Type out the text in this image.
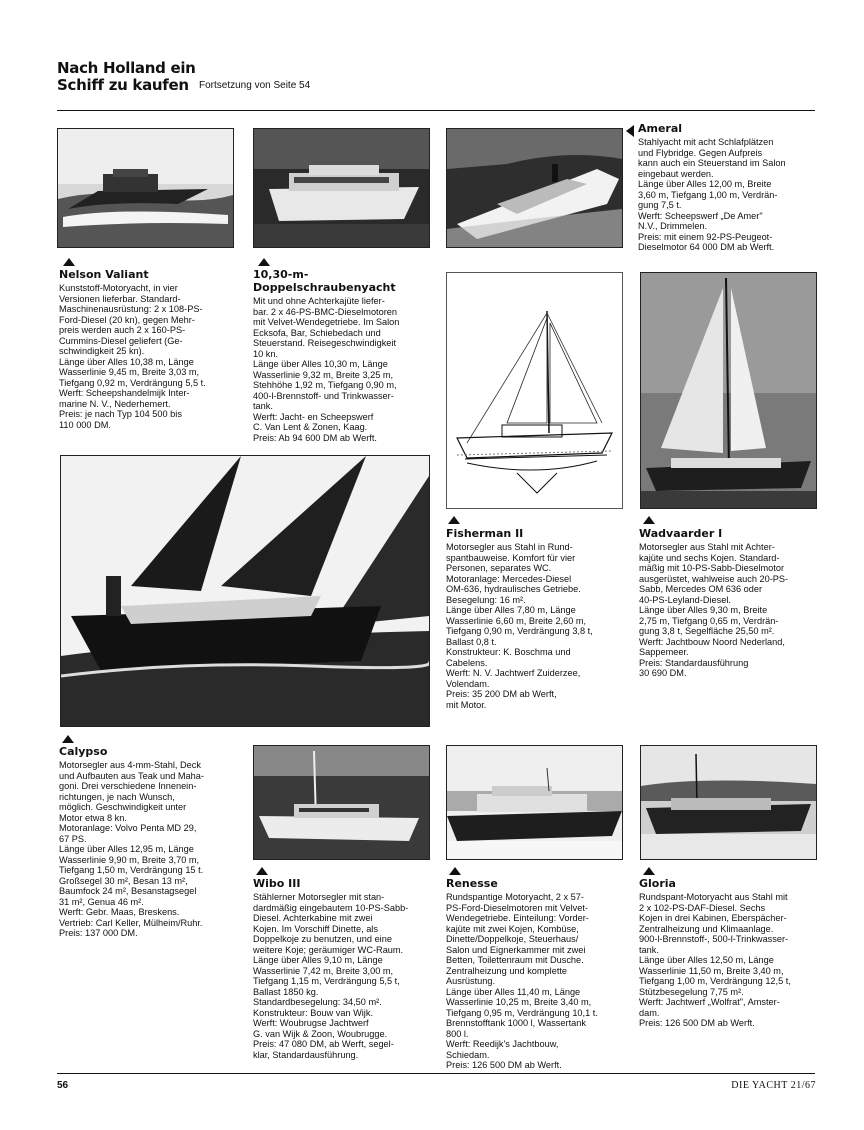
Nach Holland ein
Schiff zu kaufen	Fortsetzung von Seite 54
Nelson Valiant
Kunststoff-Motoryacht, in vier
Versionen lieferbar. Standard-
Maschinenausrüstung: 2 x 108-PS-
Ford-Diesel (20 kn), gegen Mehr-
preis werden auch 2 x 160-PS-
Cummins-Diesel geliefert (Ge-
schwindigkeit 25 kn).
Länge über Alles 10,38 m, Länge
Wasserlinie 9,45 m, Breite 3,03 m,
Tiefgang 0,92 m, Verdrängung 5,5 t.
Werft: Scheepshandelmijk Inter-
marine N. V., Nederhemert.
Preis: je nach Typ 104 500 bis
110 000 DM.
10,30-m-
Doppelschraubenyacht
Mit und ohne Achterkajüte liefer-
bar. 2 x 46-PS-BMC-Dieselmotoren
mit Velvet-Wendegetriebe. Im Salon
Ecksofa, Bar, Schiebedach und
Steuerstand. Reisegeschwindigkeit
10 kn.
Länge über Alles 10,30 m, Länge
Wasserlinie 9,32 m, Breite 3,25 m,
Stehhöhe 1,92 m, Tiefgang 0,90 m,
400-l-Brennstoff- und Trinkwasser-
tank.
Werft: Jacht- en Scheepswerf
C. Van Lent & Zonen, Kaag.
Preis: Ab 94 600 DM ab Werft.
Ameral
Stahlyacht mit acht Schlafplätzen
und Flybridge. Gegen Aufpreis
kann auch ein Steuerstand im Salon
eingebaut werden.
Länge über Alles 12,00 m, Breite
3,60 m, Tiefgang 1,00 m, Verdrän-
gung 7,5 t.
Werft: Scheepswerf „De Amer"
N.V., Drimmelen.
Preis: mit einem 92-PS-Peugeot-
Dieselmotor 64 000 DM ab Werft.
Fisherman II
Motorsegler aus Stahl in Rund-
spantbauweise. Komfort für vier
Personen, separates WC.
Motoranlage: Mercedes-Diesel
OM-636, hydraulisches Getriebe.
Besegelung: 16 m².
Länge über Alles 7,80 m, Länge
Wasserlinie 6,60 m, Breite 2,60 m,
Tiefgang 0,90 m, Verdrängung 3,8 t,
Ballast 0,8 t.
Konstrukteur: K. Boschma und
Cabelens.
Werft: N. V. Jachtwerf Zuiderzee,
Volendam.
Preis: 35 200 DM ab Werft,
mit Motor.
Wadvaarder I
Motorsegler aus Stahl mit Achter-
kajüte und sechs Kojen. Standard-
mäßig mit 10-PS-Sabb-Dieselmotor
ausgerüstet, wahlweise auch 20-PS-
Sabb, Mercedes OM 636 oder
40-PS-Leyland-Diesel.
Länge über Alles 9,30 m, Breite
2,75 m, Tiefgang 0,65 m, Verdrän-
gung 3,8 t, Segelfläche 25,50 m².
Werft: Jachtbouw Noord Nederland,
Sappemeer.
Preis: Standardausführung
30 690 DM.
Calypso
Motorsegler aus 4-mm-Stahl, Deck
und Aufbauten aus Teak und Maha-
goni. Drei verschiedene Innenein-
richtungen, je nach Wunsch,
möglich. Geschwindigkeit unter
Motor etwa 8 kn.
Motoranlage: Volvo Penta MD 29,
67 PS.
Länge über Alles 12,95 m, Länge
Wasserlinie 9,90 m, Breite 3,70 m,
Tiefgang 1,50 m, Verdrängung 15 t.
Großsegel 30 m², Besan 13 m²,
Baumfock 24 m², Besanstagsegel
31 m², Genua 46 m².
Werft: Gebr. Maas, Breskens.
Vertrieb: Carl Keller, Mülheim/Ruhr.
Preis: 137 000 DM.
Wibo III
Stählerner Motorsegler mit stan-
dardmäßig eingebautem 10-PS-Sabb-
Diesel. Achterkabine mit zwei
Kojen. Im Vorschiff Dinette, als
Doppelkoje zu benutzen, und eine
weitere Koje; geräumiger WC-Raum.
Länge über Alles 9,10 m, Länge
Wasserlinie 7,42 m, Breite 3,00 m,
Tiefgang 1,15 m, Verdrängung 5,5 t,
Ballast 1850 kg.
Standardbesegelung: 34,50 m².
Konstrukteur: Bouw van Wijk.
Werft: Woubrugse Jachtwerf
G. van Wijk & Zoon, Woubrugge.
Preis: 47 080 DM, ab Werft, segel-
klar, Standardausführung.
Renesse
Rundspantige Motoryacht, 2 x 57-
PS-Ford-Dieselmotoren mit Velvet-
Wendegetriebe. Einteilung: Vorder-
kajüte mit zwei Kojen, Kombüse,
Dinette/Doppelkoje, Steuerhaus/
Salon und Eignerkammer mit zwei
Betten, Toilettenraum mit Dusche.
Zentralheizung und komplette
Ausrüstung.
Länge über Alles 11,40 m, Länge
Wasserlinie 10,25 m, Breite 3,40 m,
Tiefgang 0,95 m, Verdrängung 10,1 t.
Brennstofftank 1000 l, Wassertank
800 l.
Werft: Reedijk's Jachtbouw,
Schiedam.
Preis: 126 500 DM ab Werft.
Gloria
Rundspant-Motoryacht aus Stahl mit
2 x 102-PS-DAF-Diesel. Sechs
Kojen in drei Kabinen, Eberspächer-
Zentralheizung und Klimaanlage.
900-l-Brennstoff-, 500-l-Trinkwasser-
tank.
Länge über Alles 12,50 m, Länge
Wasserlinie 11,50 m, Breite 3,40 m,
Tiefgang 1,00 m, Verdrängung 12,5 t,
Stützbesegelung 7,75 m².
Werft: Jachtwerf „Wolfrat", Amster-
dam.
Preis: 126 500 DM ab Werft.
56	DIE YACHT 21/67
